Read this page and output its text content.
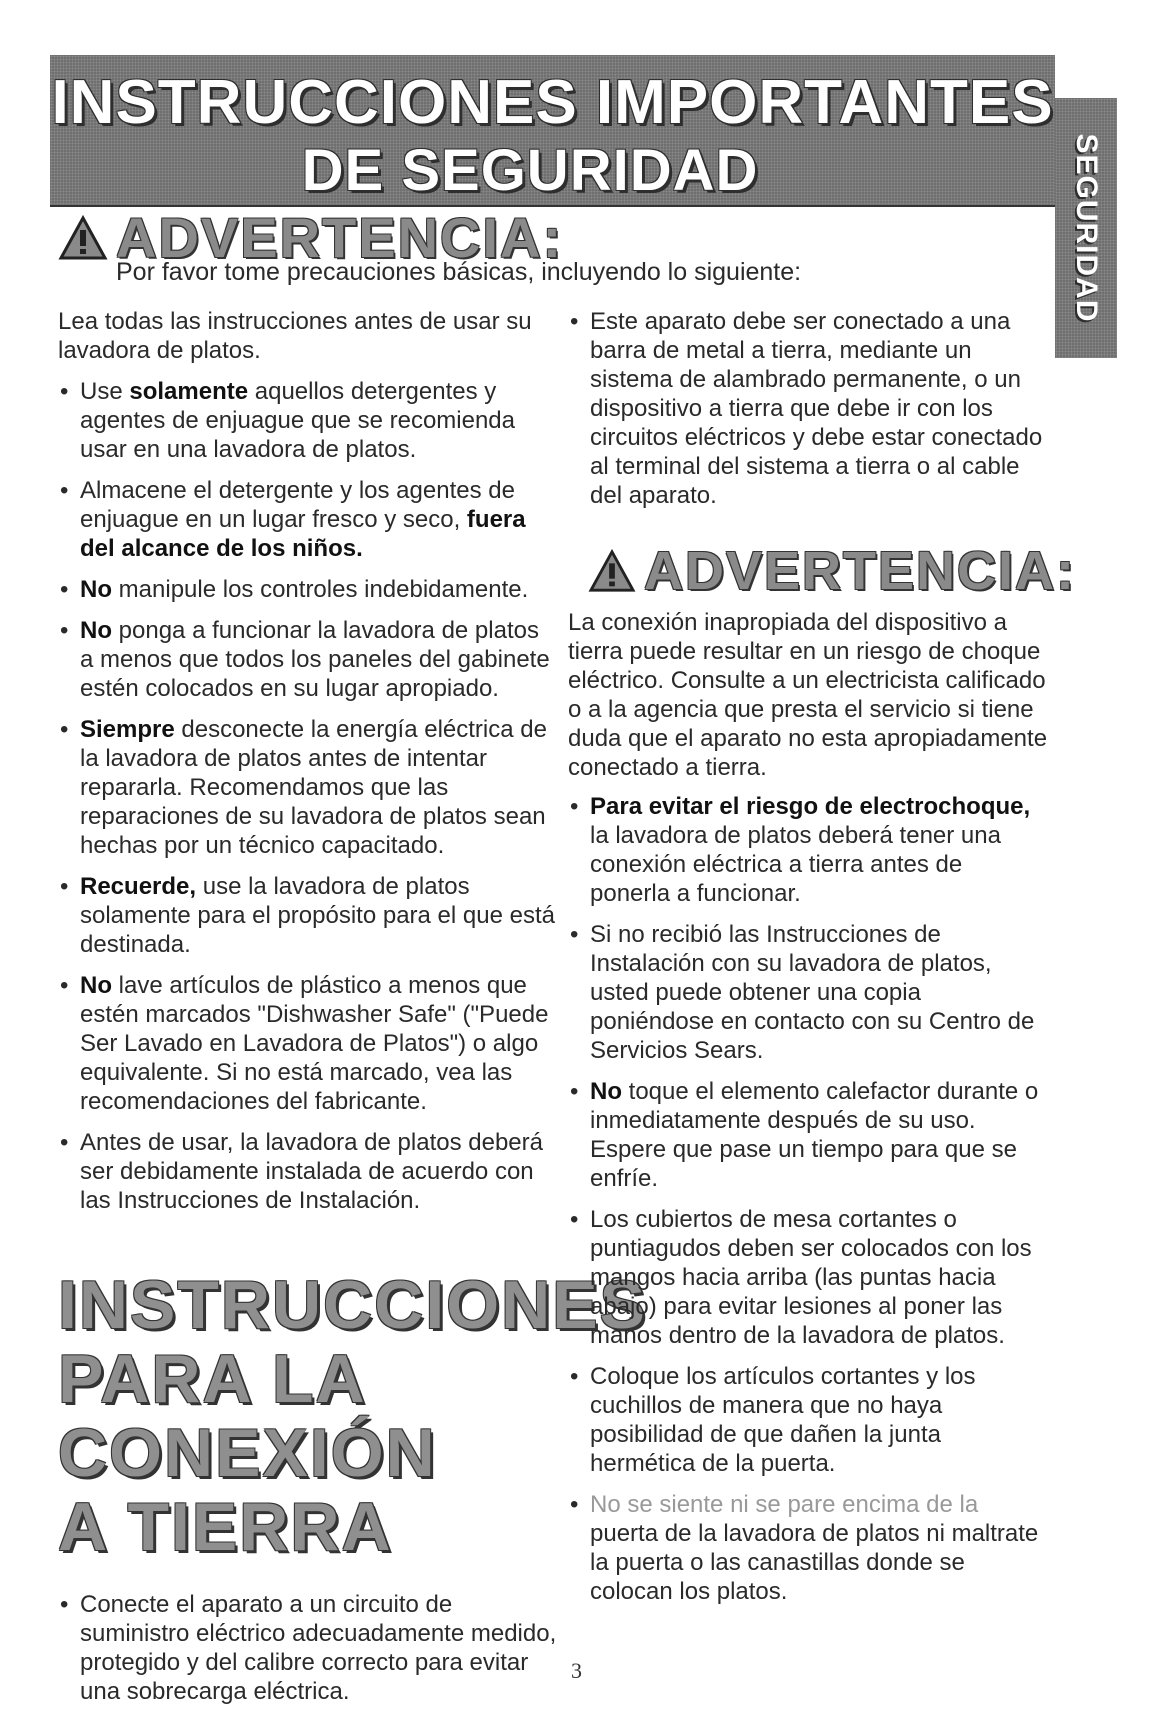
INSTRUCCIONES IMPORTANTES
DE SEGURIDAD	SEGURIDAD
ADVERTENCIA:
Por favor tome precauciones básicas, incluyendo lo siguiente:

Lea todas las instrucciones antes de usar su lavadora de platos.

• Use solamente aquellos detergentes y agentes de enjuague que se recomienda usar en una lavadora de platos.
• Almacene el detergente y los agentes de enjuague en un lugar fresco y seco, fuera del alcance de los niños.
• No manipule los controles indebidamente.
• No ponga a funcionar la lavadora de platos a menos que todos los paneles del gabinete estén colocados en su lugar apropiado.
• Siempre desconecte la energía eléctrica de la lavadora de platos antes de intentar repararla. Recomendamos que las reparaciones de su lavadora de platos sean hechas por un técnico capacitado.
• Recuerde, use la lavadora de platos solamente para el propósito para el que está destinada.
• No lave artículos de plástico a menos que estén marcados "Dishwasher Safe" ("Puede Ser Lavado en Lavadora de Platos") o algo equivalente. Si no está marcado, vea las recomendaciones del fabricante.
• Antes de usar, la lavadora de platos deberá ser debidamente instalada de acuerdo con las Instrucciones de Instalación.
INSTRUCCIONES
PARA LA
CONEXIÓN
A TIERRA
• Conecte el aparato a un circuito de suministro eléctrico adecuadamente medido, protegido y del calibre correcto para evitar una sobrecarga eléctrica.
• Este aparato debe ser conectado a una barra de metal a tierra, mediante un sistema de alambrado permanente, o un dispositivo a tierra que debe ir con los circuitos eléctricos y debe estar conectado al terminal del sistema a tierra o al cable del aparato.

La conexión inapropiada del dispositivo a tierra puede resultar en un riesgo de choque eléctrico. Consulte a un electricista calificado o a la agencia que presta el servicio si tiene duda que el aparato no esta apropiadamente conectado a tierra.

• Para evitar el riesgo de electrochoque, la lavadora de platos deberá tener una conexión eléctrica a tierra antes de ponerla a funcionar.
• Si no recibió las Instrucciones de Instalación con su lavadora de platos, usted puede obtener una copia poniéndose en contacto con su Centro de Servicios Sears.
• No toque el elemento calefactor durante o inmediatamente después de su uso. Espere que pase un tiempo para que se enfríe.
• Los cubiertos de mesa cortantes o puntiagudos deben ser colocados con los mangos hacia arriba (las puntas hacia abajo) para evitar lesiones al poner las manos dentro de la lavadora de platos.
• Coloque los artículos cortantes y los cuchillos de manera que no haya posibilidad de que dañen la junta hermética de la puerta.
• No se siente ni se pare encima de la puerta de la lavadora de platos ni maltrate la puerta o las canastillas donde se colocan los platos.
ADVERTENCIA:
3
